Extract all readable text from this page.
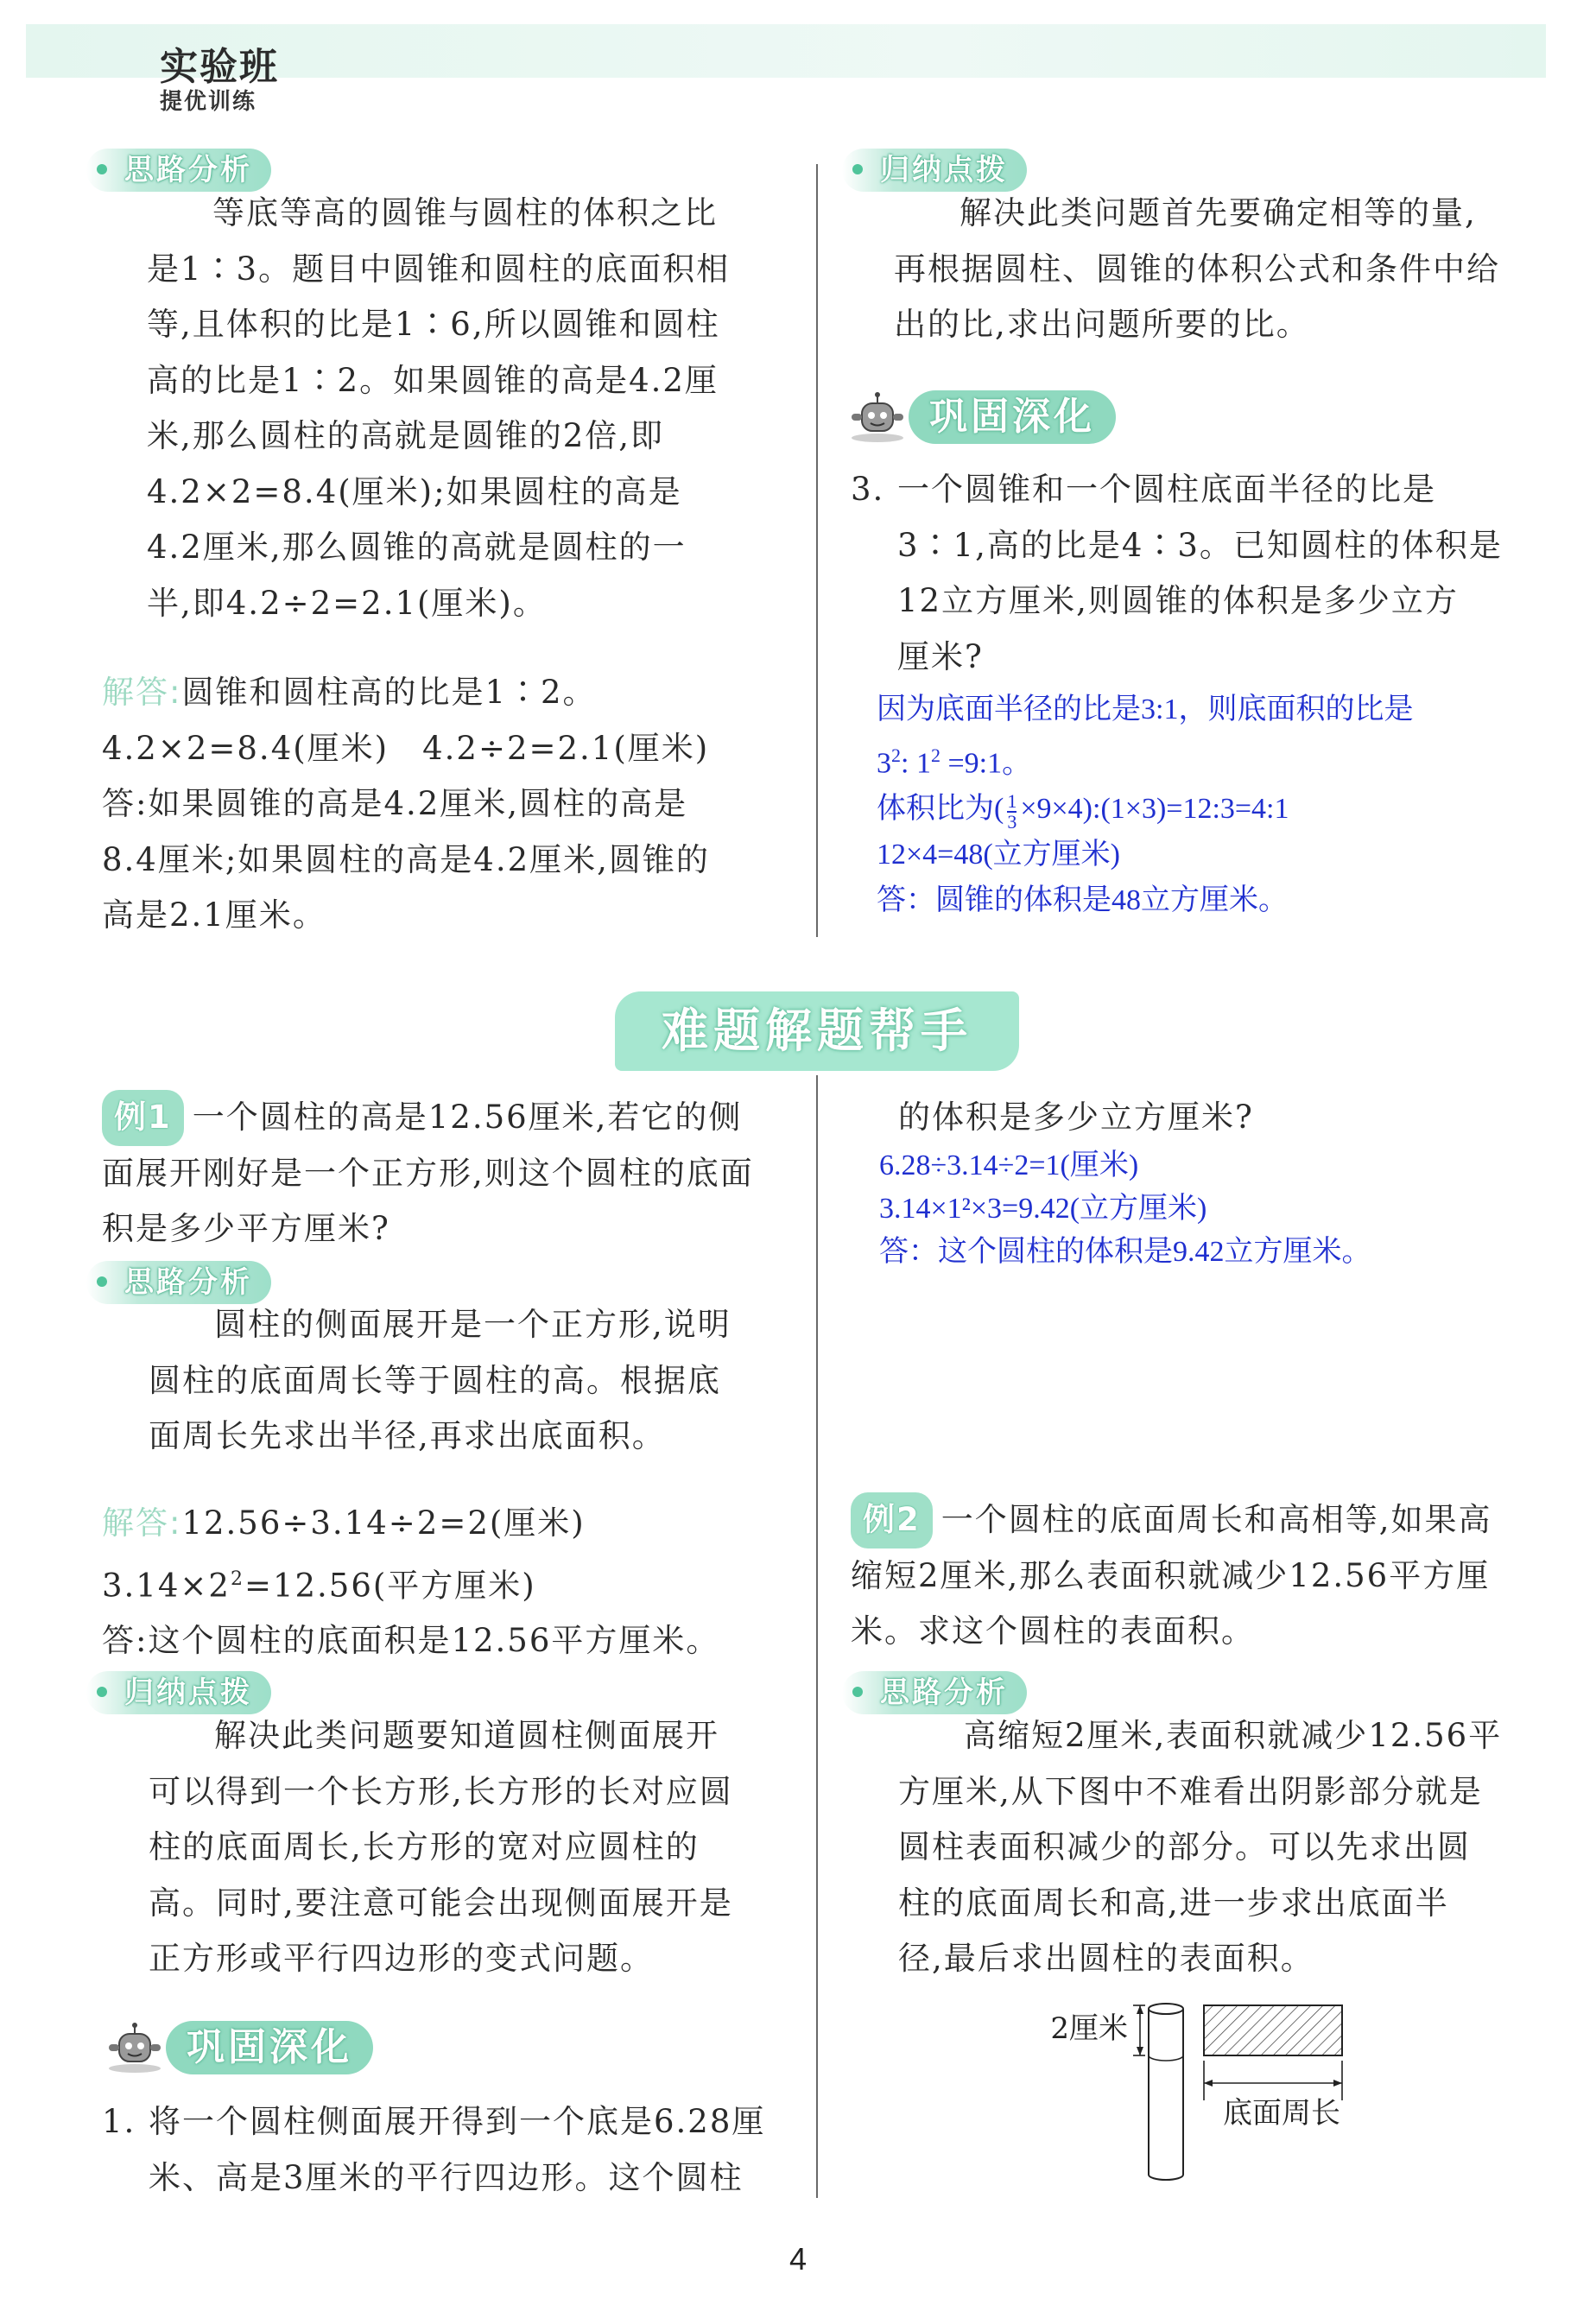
实验班
提优训练
思路分析
等底等高的圆锥与圆柱的体积之比
是1∶3。题目中圆锥和圆柱的底面积相
等,且体积的比是1∶6,所以圆锥和圆柱
高的比是1∶2。如果圆锥的高是4.2厘
米,那么圆柱的高就是圆锥的2倍,即
4.2×2=8.4(厘米);如果圆柱的高是
4.2厘米,那么圆锥的高就是圆柱的一
半,即4.2÷2=2.1(厘米)。
解答:圆锥和圆柱高的比是1∶2。
4.2×2=8.4(厘米)　4.2÷2=2.1(厘米)
答:如果圆锥的高是4.2厘米,圆柱的高是
8.4厘米;如果圆柱的高是4.2厘米,圆锥的
高是2.1厘米。
归纳点拨
解决此类问题首先要确定相等的量,
再根据圆柱、圆锥的体积公式和条件中给
出的比,求出问题所要的比。
巩固深化
3. 一个圆锥和一个圆柱底面半径的比是
3∶1,高的比是4∶3。已知圆柱的体积是
12立方厘米,则圆锥的体积是多少立方
厘米?
因为底面半径的比是3:1，则底面积的比是
$3^2$: $1^2$ =9:1。
体积比为( $\frac{1}{3}$ ×9×4):(1×3)=12:3=4:1
12×4=48(立方厘米)
答：圆锥的体积是48立方厘米。
难题解题帮手
例1 一个圆柱的高是12.56厘米,若它的侧
面展开刚好是一个正方形,则这个圆柱的底面
积是多少平方厘米?
思路分析
圆柱的侧面展开是一个正方形,说明
圆柱的底面周长等于圆柱的高。根据底
面周长先求出半径,再求出底面积。
解答:12.56÷3.14÷2=2(厘米)
$3.14\times 2^2=12.56$(平方厘米)
答:这个圆柱的底面积是12.56平方厘米。
归纳点拨
解决此类问题要知道圆柱侧面展开
可以得到一个长方形,长方形的长对应圆
柱的底面周长,长方形的宽对应圆柱的
高。同时,要注意可能会出现侧面展开是
正方形或平行四边形的变式问题。
巩固深化
1. 将一个圆柱侧面展开得到一个底是6.28厘
米、高是3厘米的平行四边形。这个圆柱
的体积是多少立方厘米?
6.28÷3.14÷2=1(厘米)
3.14×1²×3=9.42(立方厘米)
答：这个圆柱的体积是9.42立方厘米。
例2 一个圆柱的底面周长和高相等,如果高
缩短2厘米,那么表面积就减少12.56平方厘
米。求这个圆柱的表面积。
思路分析
高缩短2厘米,表面积就减少12.56平
方厘米,从下图中不难看出阴影部分就是
圆柱表面积减少的部分。可以先求出圆
柱的底面周长和高,进一步求出底面半
径,最后求出圆柱的表面积。
2厘米
底面周长
4
